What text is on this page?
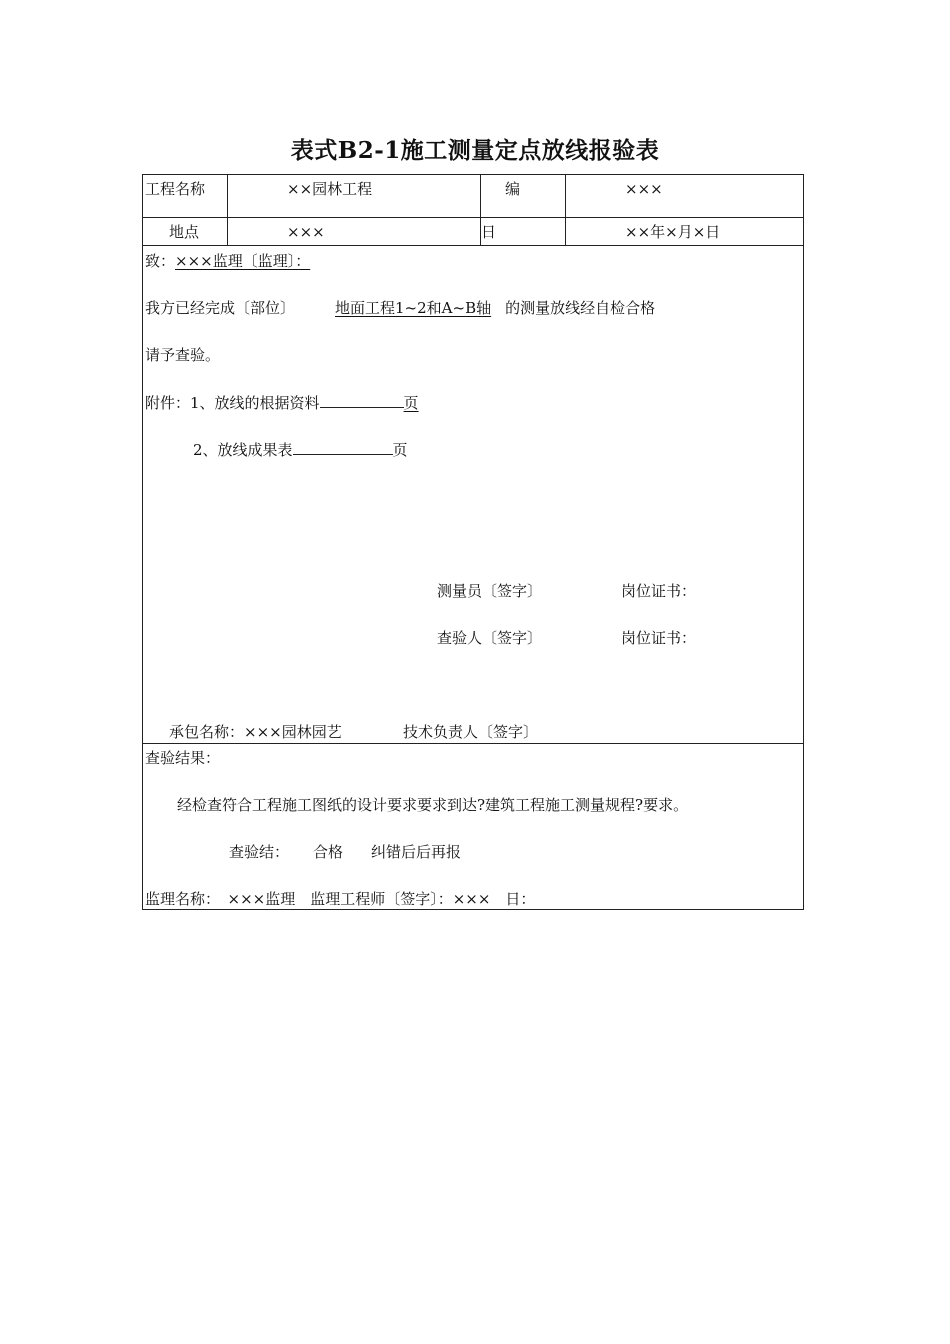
表式B2-1施工测量定点放线报验表
工程名称	××园林工程	编	×××
地点	×××	日	××年×月×日
致：×××监理〔监理〕：
我方已经完成〔部位〕	地面工程1~2和A~B轴 的测量放线经自检合格
请予查验。
附件：1、放线的根据资料	页
2、放线成果表	页
测量员〔签字〕	岗位证书：
查验人〔签字〕	岗位证书：
承包名称：×××园林园艺	技术负责人〔签字〕
查验结果：
经检查符合工程施工图纸的设计要求要求到达?建筑工程施工测量规程?要求。
查验结： 合格 纠错后后再报
监理名称：　×××监理　监理工程师〔签字〕：×××　日：
